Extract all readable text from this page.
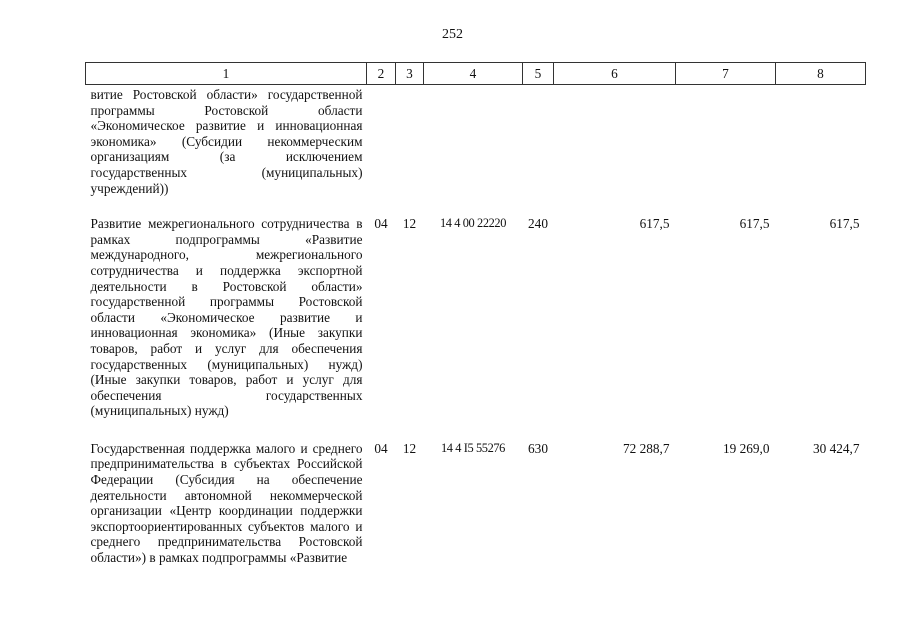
252
1	2	3	4	5	6	7	8
витие Ростовской области» государственной программы Ростовской области «Экономическое развитие и инновационная экономика» (Субсидии некоммерческим организациям (за исключением государственных (муниципальных) учреждений))							
Развитие межрегионального сотрудничества в рамках подпрограммы «Развитие международного, межрегионального сотрудничества и поддержка экспортной деятельности в Ростовской области» государственной программы Ростовской области «Экономическое развитие и инновационная экономика» (Иные закупки товаров, работ и услуг для обеспечения государственных (муниципальных) нужд) (Иные закупки товаров, работ и услуг для обеспечения государственных (муниципальных) нужд)	04	12	14 4 00 22220	240	617,5	617,5	617,5
Государственная поддержка малого и среднего предпринимательства в субъектах Российской Федерации (Субсидия на обеспечение деятельности автономной некоммерческой организации «Центр координации поддержки экспортоориентированных субъектов малого и среднего предпринимательства Ростовской области») в рамках подпрограммы «Развитие	04	12	14 4 I5 55276	630	72 288,7	19 269,0	30 424,7
